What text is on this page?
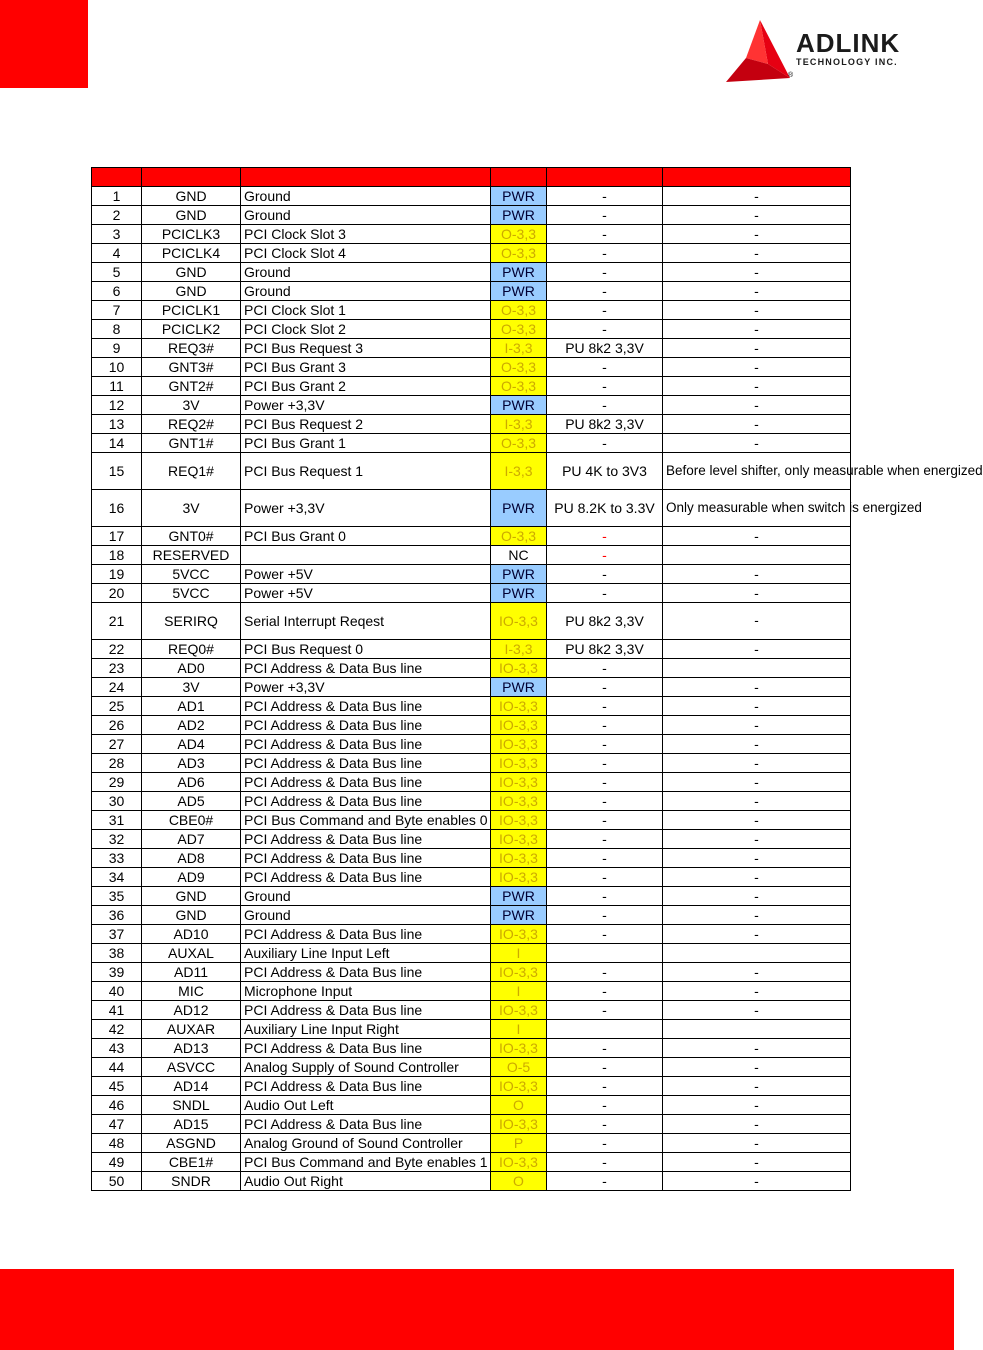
ADLINK
TECHNOLOGY INC.
®

1	GND	Ground	PWR	-	-
2	GND	Ground	PWR	-	-
3	PCICLK3	PCI Clock Slot 3	O-3,3	-	-
4	PCICLK4	PCI Clock Slot 4	O-3,3	-	-
5	GND	Ground	PWR	-	-
6	GND	Ground	PWR	-	-
7	PCICLK1	PCI Clock Slot 1	O-3,3	-	-
8	PCICLK2	PCI Clock Slot 2	O-3,3	-	-
9	REQ3#	PCI Bus Request 3	I-3,3	PU 8k2 3,3V	-
10	GNT3#	PCI Bus Grant 3	O-3,3	-	-
11	GNT2#	PCI Bus Grant 2	O-3,3	-	-
12	3V	Power +3,3V	PWR	-	-
13	REQ2#	PCI Bus Request 2	I-3,3	PU 8k2 3,3V	-
14	GNT1#	PCI Bus Grant 1	O-3,3	-	-
15	REQ1#	PCI Bus Request 1	I-3,3	PU 4K to 3V3	Before level shifter, only measurable when energized
16	3V	Power +3,3V	PWR	PU 8.2K to 3.3V	Only measurable when switch is energized
17	GNT0#	PCI Bus Grant 0	O-3,3	-	-
18	RESERVED		NC	-	
19	5VCC	Power +5V	PWR	-	-
20	5VCC	Power +5V	PWR	-	-
21	SERIRQ	Serial Interrupt Reqest	IO-3,3	PU 8k2 3,3V	-
22	REQ0#	PCI Bus Request 0	I-3,3	PU 8k2 3,3V	-
23	AD0	PCI Address & Data Bus line	IO-3,3	-	
24	3V	Power +3,3V	PWR	-	-
25	AD1	PCI Address & Data Bus line	IO-3,3	-	-
26	AD2	PCI Address & Data Bus line	IO-3,3	-	-
27	AD4	PCI Address & Data Bus line	IO-3,3	-	-
28	AD3	PCI Address & Data Bus line	IO-3,3	-	-
29	AD6	PCI Address & Data Bus line	IO-3,3	-	-
30	AD5	PCI Address & Data Bus line	IO-3,3	-	-
31	CBE0#	PCI Bus Command and Byte enables 0	IO-3,3	-	-
32	AD7	PCI Address & Data Bus line	IO-3,3	-	-
33	AD8	PCI Address & Data Bus line	IO-3,3	-	-
34	AD9	PCI Address & Data Bus line	IO-3,3	-	-
35	GND	Ground	PWR	-	-
36	GND	Ground	PWR	-	-
37	AD10	PCI Address & Data Bus line	IO-3,3	-	-
38	AUXAL	Auxiliary Line Input Left	I		
39	AD11	PCI Address & Data Bus line	IO-3,3	-	-
40	MIC	Microphone Input	I	-	-
41	AD12	PCI Address & Data Bus line	IO-3,3	-	-
42	AUXAR	Auxiliary Line Input Right	I		
43	AD13	PCI Address & Data Bus line	IO-3,3	-	-
44	ASVCC	Analog Supply of Sound Controller	O-5	-	-
45	AD14	PCI Address & Data Bus line	IO-3,3	-	-
46	SNDL	Audio Out Left	O	-	-
47	AD15	PCI Address & Data Bus line	IO-3,3	-	-
48	ASGND	Analog Ground of Sound Controller	P	-	-
49	CBE1#	PCI Bus Command and Byte enables 1	IO-3,3	-	-
50	SNDR	Audio Out Right	O	-	-
